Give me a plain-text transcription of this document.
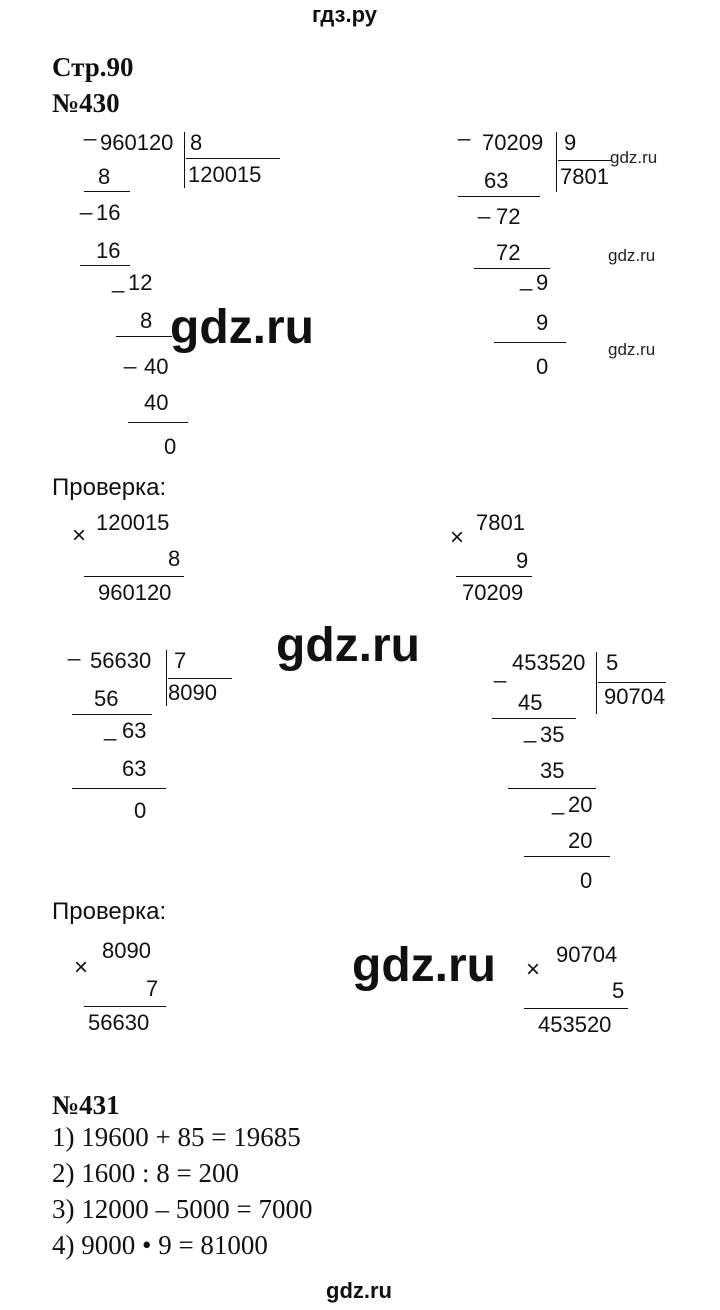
гдз.ру
Стр.90
№430
_
960120 8
120015
8
_ 16
16
_ 12
8
_ 40
40
0
_
70209 9
7801
63
_ 72
72
_ 9
9
0
gdz.ru
gdz.ru
gdz.ru
gdz.ru
gdz.ru
gdz.ru
Проверка:
× 120015
8
960120
×
7801
9
70209
_ 56630 7
8090
56
_ 63
63
0
_ 453520 5
90704
45
_ 35
35
_ 20
20
0
Проверка:
×
8090
7
56630
×
90704
5
453520
№431
1) 19600 + 85 = 19685
2) 1600 : 8 = 200
3) 12000 – 5000 = 7000
4) 9000 • 9 = 81000
gdz.ru
